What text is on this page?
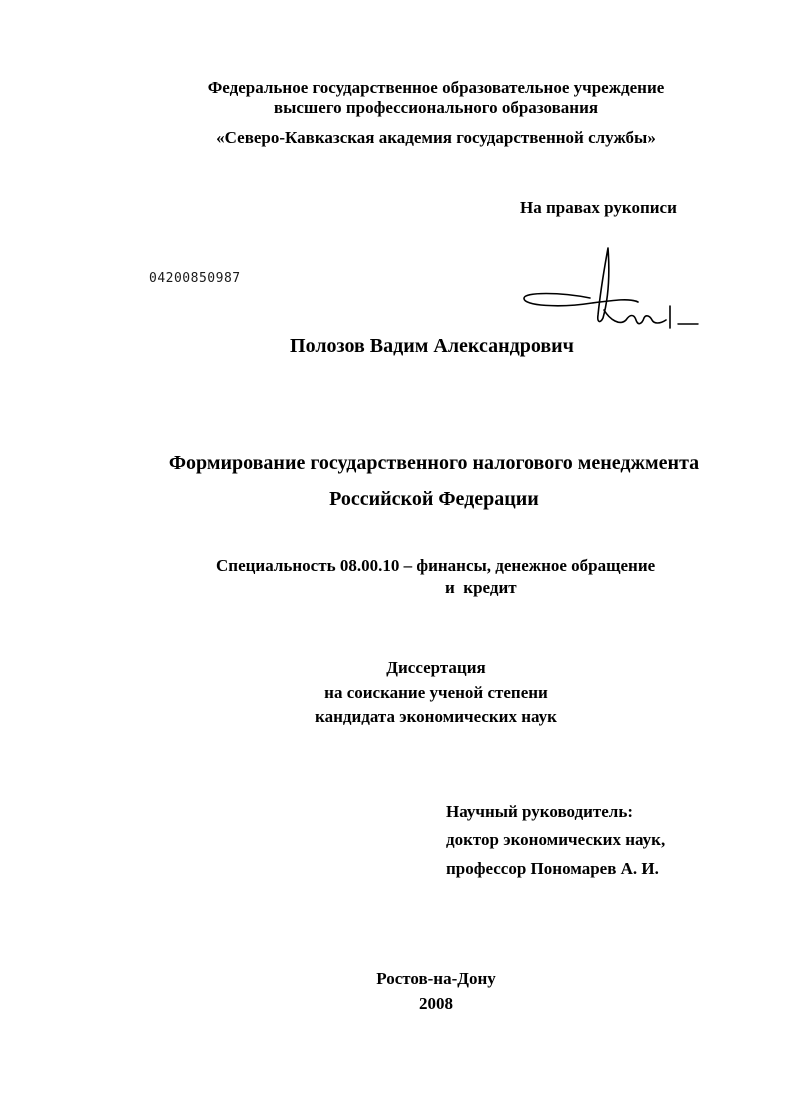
Федеральное государственное образовательное учреждение
высшего профессионального образования
«Северо-Кавказская академия государственной службы»
На правах рукописи
04200850987
Полозов Вадим Александрович
Формирование государственного налогового менеджмента
Российской Федерации
Специальность 08.00.10 – финансы, денежное обращение
и  кредит
Диссертация
на соискание ученой степени
кандидата экономических наук
Научный руководитель:
доктор экономических наук,
профессор Пономарев А. И.
Ростов-на-Дону
2008
